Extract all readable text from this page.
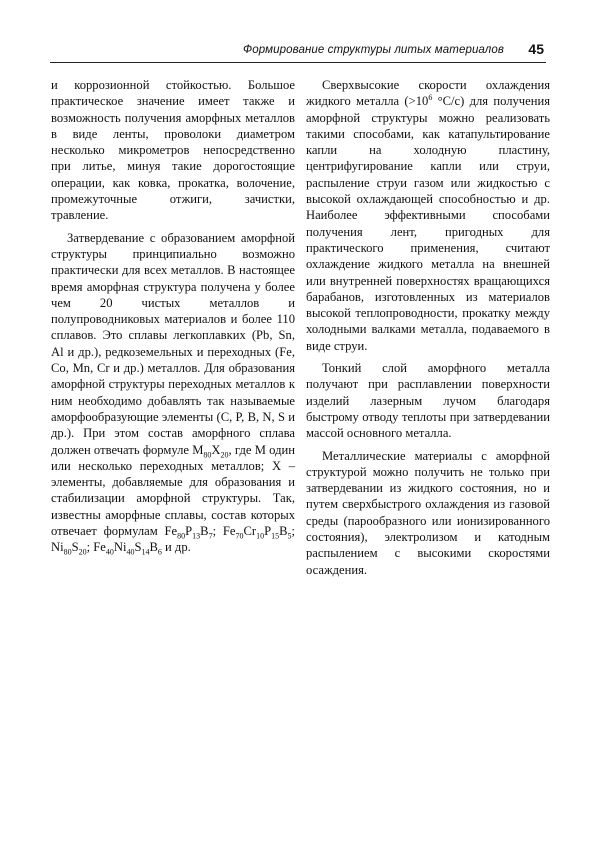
Формирование структуры литых материалов 45

и коррозионной стойкостью. Большое практическое значение имеет также и возможность получения аморфных металлов в виде ленты, проволоки диаметром несколько микрометров непосредственно при литье, минуя такие дорогостоящие операции, как ковка, прокатка, волочение, промежуточные отжиги, зачистки, травление.

Затвердевание с образованием аморфной структуры принципиально возможно практически для всех металлов. В настоящее время аморфная структура получена у более чем 20 чистых металлов и полупроводниковых материалов и более 110 сплавов. Это сплавы легкоплавких (Pb, Sn, Al и др.), редкоземельных и переходных (Fe, Co, Mn, Cr и др.) металлов. Для образования аморфной структуры переходных металлов к ним необходимо добавлять так называемые аморфообразующие элементы (C, P, B, N, S и др.). При этом состав аморфного сплава должен отвечать формуле $M_{80}X_{20}$, где M один или несколько переходных металлов; X – элементы, добавляемые для образования и стабилизации аморфной структуры. Так, известны аморфные сплавы, состав которых отвечает формулам $Fe_{80}P_{13}B_7$; $Fe_{70}Cr_{10}P_{15}B_5$; $Ni_{80}S_{20}$; $Fe_{40}Ni_{40}S_{14}B_6$ и др.

Сверхвысокие скорости охлаждения жидкого металла ($>10^6$ °C/c) для получения аморфной структуры можно реализовать такими способами, как катапультирование капли на холодную пластину, центрифугирование капли или струи, распыление струи газом или жидкостью с высокой охлаждающей способностью и др. Наиболее эффективными способами получения лент, пригодных для практического применения, считают охлаждение жидкого металла на внешней или внутренней поверхностях вращающихся барабанов, изготовленных из материалов высокой теплопроводности, прокатку между холодными валками металла, подаваемого в виде струи.

Тонкий слой аморфного металла получают при расплавлении поверхности изделий лазерным лучом благодаря быстрому отводу теплоты при затвердевании массой основного металла.

Металлические материалы с аморфной структурой можно получить не только при затвердевании из жидкого состояния, но и путем сверхбыстрого охлаждения из газовой среды (парообразного или ионизированного состояния), электролизом и катодным распылением с высокими скоростями осаждения.
